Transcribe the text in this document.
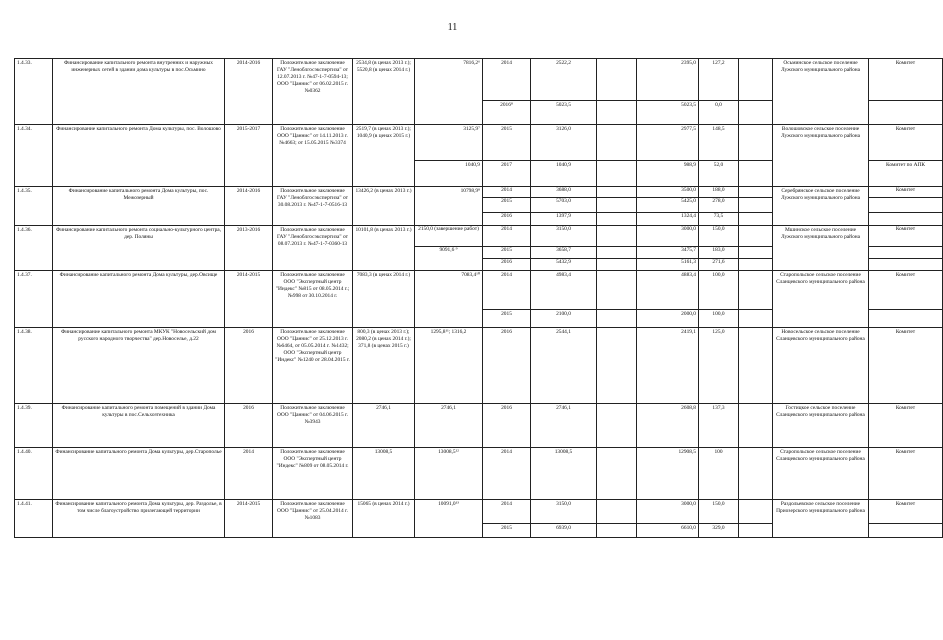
11
1.4.33.	Финансирование капитального ремонта внутренних и наружных инженерных сетей в здании дома культуры в пос.Осьмино	2014-2016	Положительное заключение ГАУ "Леноблгосэкспертиза" от 12.07.2013 г. №47-1-7-0594-13; ООО "Цаннис" от 06.02.2015 г. №0362	2534,8 (в ценах 2013 г.); 5520,8 (в ценах 2014 г.)	7816,2⁶	2014	2522,2		2395,0	127,2		Осьминское сельское поселение Лужского муниципального района	Комитет
						2016⁸	5023,5		5023,5	0,0			
1.4.34.	Финансирование капитального ремонта Дома культуры, пос. Волошово	2015-2017	Положительное заключение ООО "Цаннис" от 14.11.2013 г. №4663; от 15.05.2015 №3374	2519,7 (в ценах 2013 г.); 1040,9 (в ценах 2015 г.)	3125,9⁷	2015	3126,0		2977,5	148,5		Волошовское сельское поселение Лужского муниципального района	Комитет
					1040,9	2017	1040,9		988,9	52,0			Комитет по АПК
1.4.35.	Финансирование капитального ремонта Дома культуры, пос. Межозерный	2014-2016	Положительное заключение ГАУ "Леноблгосэкспертиза" от 30.08.2013 г. №47-1-7-0516-13	13426,2 (в ценах 2013 г.)	10798,9⁸	2014	3688,0		3500,0	188,0		Серебрянское сельское поселение Лужского муниципального района	Комитет
						2015	5703,0		5425,0	278,0			
						2016	1397,9		1324,4	73,5			
1.4.36.	Финансирование капитального ремонта социально-культурного центра, дер. Поляны	2013-2016	Положительное заключение ГАУ "Леноблгосэкспертиза" от 08.07.2013 г. №47-1-7-0360-13	10101,8 (в ценах 2013 г.)	2150,0 (завершение работ)	2014	3150,0		3000,0	150,0		Мшинское сельское поселение Лужского муниципального района	Комитет
					9091,6 ⁹	2015	3658,7		3475,7	183,0			
						2016	5432,9		5161,3	271,6			
1.4.37.	Финансирование капитального ремонта Дома культуры, дер.Овсище	2014-2015	Положительное заключение ООО "Экспертный центр "Индекс" №815 от 08.05.2014 г.; №998 от 30.10.2014 г.	7083,3 (в ценах 2014 г.)	7083,4¹⁰	2014	4983,4		4883,4	100,0		Старопольское сельское поселение Сланцевского муниципального района	Комитет
						2015	2100,0		2000,0	100,0			
1.4.38.	Финансирование капитального ремонта МКУК "Новосельский дом русского народного творчества" дер.Новоселье, д.22	2016	Положительное заключение ООО "Цаннис" от 25.12.2013 г. №6464, от 05.05.2014 г. №1432; ООО "Экспертный центр "Индекс" №1240 от 28.04.2015 г.	800,3 (в ценах 2013 г.); 2080,2 (в ценах 2014 г.); 371,8 (в ценах 2015 г.)	1295,8¹¹; 1316,2	2016	2544,1		2419,1	125,0		Новосельское сельское поселение Сланцевского муниципального района	Комитет
1.4.39.	Финансирование капитального ремонта помещений в здании Дома культуры в пос.Сельхозтехника	2016	Положительное заключение ООО "Цаннис" от 04.06.2015 г. №3943	2746,1	2746,1	2016	2746,1		2608,8	137,3		Гостицкое сельское поселение Сланцевского муниципального района	Комитет
1.4.40.	Финансирование капитального ремонта Дома культуры, дер.Старополье	2014	Положительное заключение ООО "Экспертный центр "Индекс" №809 от 08.05.2014 г.	13008,5	13008,5¹²	2014	13008,5		12908,5	100		Старопольское сельское поселение Сланцевского муниципального района	Комитет
1.4.41.	Финансирование капитального ремонта Дома культуры, дер. Раздолье, в том числе благоустройство прилегающей территории	2014-2015	Положительное заключение ООО "Цаннис" от 25.04.2014 г. №1083	15065 (в ценах 2014 г.)	10091,0¹³	2014	3150,0		3000,0	150,0		Раздольевское сельское поселение Приозерского муниципального района	Комитет
						2015	6939,0		6610,0	329,0			
